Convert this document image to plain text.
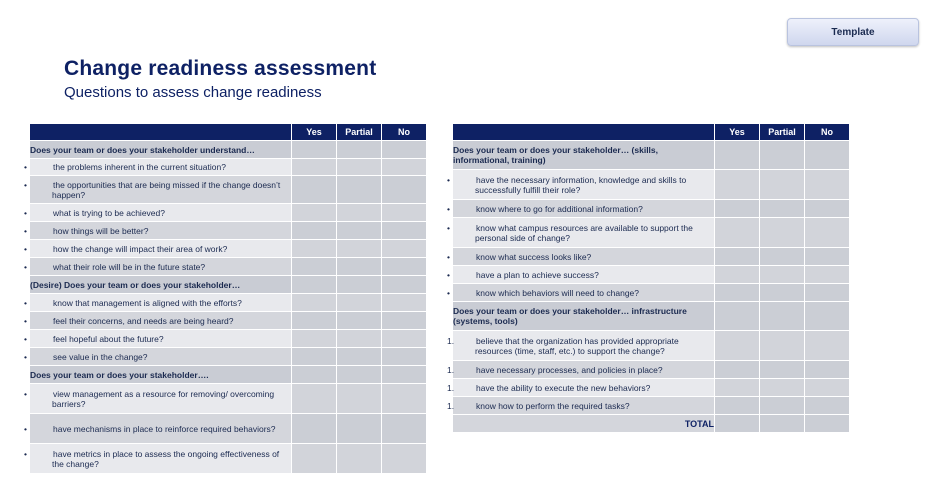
Template
Change readiness assessment
Questions to assess change readiness
	Yes	Partial	No
Does your team or does your stakeholder understand…			
• the problems inherent in the current situation?			
• the opportunities that are being missed if the change doesn’t happen?			
• what is trying to be achieved?			
• how things will be better?			
• how the change will impact their area of work?			
• what their role will be in the future state?			
(Desire) Does your team or does your stakeholder…			
• know that management is aligned with the efforts?			
• feel their concerns, and needs are being heard?			
• feel hopeful about the future?			
• see value in the change?			
Does your team or does your stakeholder….			
• view management as a resource for removing/ overcoming barriers?			
• have mechanisms in place to reinforce required behaviors?			
• have metrics in place to assess the ongoing effectiveness of the change?			
	Yes	Partial	No
Does your team or does your stakeholder… (skills, informational, training)			
• have the necessary information, knowledge and skills to successfully fulfill their role?			
• know where to go for additional information?			
• know what campus resources are available to support the personal side of change?			
• know what success looks like?			
• have a plan to achieve success?			
• know which behaviors will need to change?			
Does your team or does your stakeholder… infrastructure (systems, tools)			
1. believe that the organization has provided appropriate resources (time, staff, etc.) to support the change?			
1. have necessary processes, and policies in place?			
1. have the ability to execute the new behaviors?			
1. know how to perform the required tasks?			
TOTAL			
